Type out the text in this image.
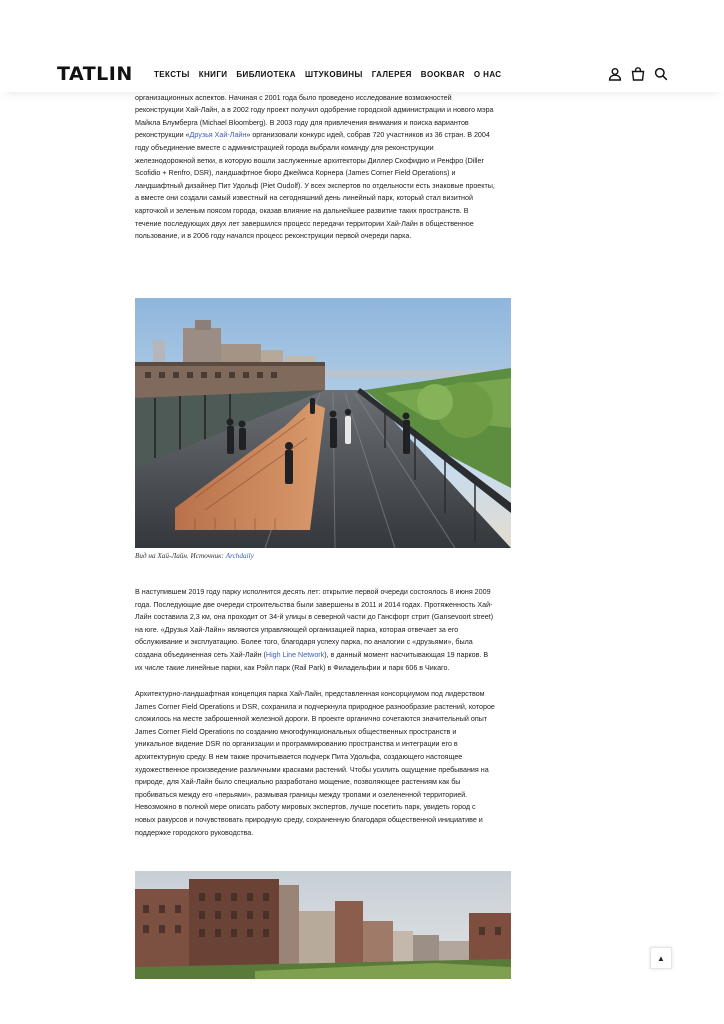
TATLIN	ТЕКСТЫ КНИГИ БИБЛИОТЕКА ШТУКОВИНЫ ГАЛЕРЕЯ BOOKBAR О НАС

организационных аспектов. Начиная с 2001 года было проведено исследование возможностей реконструкции Хай-Лайн, а в 2002 году проект получил одобрение городской администрации и нового мэра Майкла Блумберга (Michael Bloomberg). В 2003 году для привлечения внимания и поиска вариантов реконструкции «Друзья Хай-Лайн» организовали конкурс идей, собрав 720 участников из 36 стран. В 2004 году объединение вместе с администрацией города выбрали команду для реконструкции железнодорожной ветки, в которую вошли заслуженные архитекторы Диллер Скофидио и Ренфро (Diller Scofidio + Renfro, DSR), ландшафтное бюро Джеймса Корнера (James Corner Field Operations) и ландшафтный дизайнер Пит Удольф (Piet Oudolf). У всех экспертов по отдельности есть знаковые проекты, а вместе они создали самый известный на сегодняшний день линейный парк, который стал визитной карточкой и зеленым поясом города, оказав влияние на дальнейшее развитие таких пространств. В течение последующих двух лет завершился процесс передачи территории Хай-Лайн в общественное пользование, и в 2006 году начался процесс реконструкции первой очереди парка.

Вид на Хай-Лайн. Источник: Archdaily

В наступившем 2019 году парку исполнится десять лет: открытие первой очереди состоялось 8 июня 2009 года. Последующие две очереди строительства были завершены в 2011 и 2014 годах. Протяженность Хай-Лайн составила 2,3 км, она проходит от 34-й улицы в северной части до Гансфорт стрит (Gansevoort street) на юге. «Друзья Хай-Лайн» являются управляющей организацией парка, которая отвечает за его обслуживание и эксплуатацию. Более того, благодаря успеху парка, по аналогии с «друзьями», была создана объединенная сеть Хай-Лайн (High Line Network), в данный момент насчитывающая 19 парков. В их числе такие линейные парки, как Рэйл парк (Rail Park) в Филадельфии и парк 606 в Чикаго.

Архитектурно-ландшафтная концепция парка Хай-Лайн, представленная консорциумом под лидерством James Corner Field Operations и DSR, сохранила и подчеркнула природное разнообразие растений, которое сложилось на месте заброшенной железной дороги. В проекте органично сочетаются значительный опыт James Corner Field Operations по созданию многофункциональных общественных пространств и уникальное видение DSR по организации и программированию пространства и интеграции его в архитектурную среду. В нем также прочитывается подчерк Пита Удольфа, создающего настоящее художественное произведение различными красками растений. Чтобы усилить ощущение пребывания на природе, для Хай-Лайн было специально разработано мощение, позволяющее растениям как бы пробиваться между его «перьями», размывая границы между тропами и озелененной территорией. Невозможно в полной мере описать работу мировых экспертов, лучше посетить парк, увидеть город с новых ракурсов и почувствовать природную среду, сохраненную благодаря общественной инициативе и поддержке городского руководства.

▲
